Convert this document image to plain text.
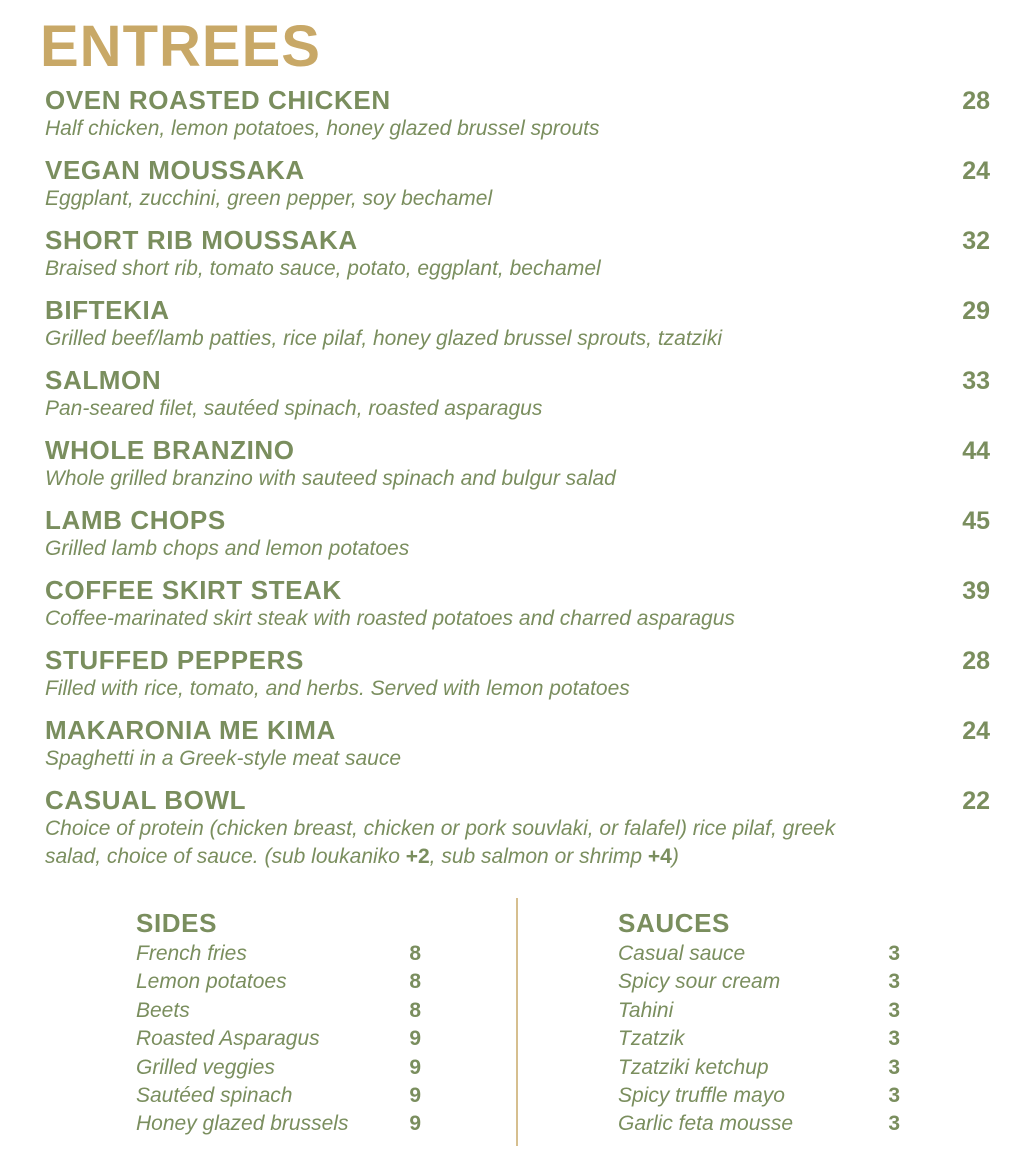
ENTREES
OVEN ROASTED CHICKEN	28
Half chicken, lemon potatoes, honey glazed brussel sprouts
VEGAN MOUSSAKA	24
Eggplant, zucchini, green pepper, soy bechamel
SHORT RIB MOUSSAKA	32
Braised short rib, tomato sauce, potato, eggplant, bechamel
BIFTEKIA	29
Grilled beef/lamb patties, rice pilaf, honey glazed brussel sprouts, tzatziki
SALMON	33
Pan-seared filet, sautéed spinach, roasted asparagus
WHOLE BRANZINO	44
Whole grilled branzino with sauteed spinach and bulgur salad
LAMB CHOPS	45
Grilled lamb chops and lemon potatoes
COFFEE SKIRT STEAK	39
Coffee-marinated skirt steak with roasted potatoes and charred asparagus
STUFFED PEPPERS	28
Filled with rice, tomato, and herbs. Served with lemon potatoes
MAKARONIA ME KIMA	24
Spaghetti in a Greek-style meat sauce
CASUAL BOWL	22
Choice of protein (chicken breast, chicken or pork souvlaki, or falafel) rice pilaf, greek
salad, choice of sauce. (sub loukaniko +2, sub salmon or shrimp +4)
SIDES
French fries	8
Lemon potatoes	8
Beets	8
Roasted Asparagus	9
Grilled veggies	9
Sautéed spinach	9
Honey glazed brussels	9
SAUCES
Casual sauce	3
Spicy sour cream	3
Tahini	3
Tzatzik	3
Tzatziki ketchup	3
Spicy truffle mayo	3
Garlic feta mousse	3
